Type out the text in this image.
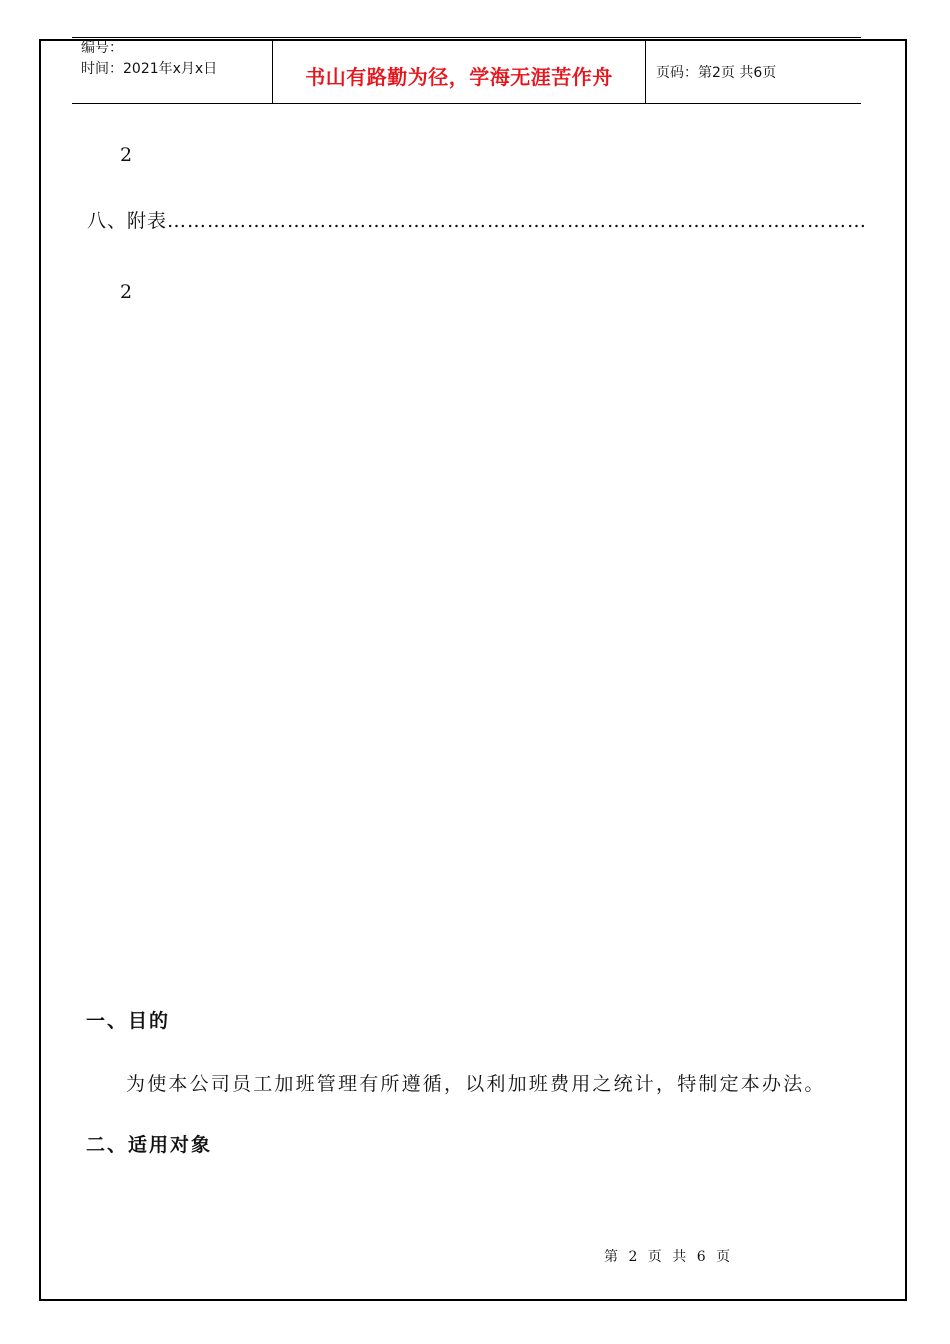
编号：
时间：2021年x月x日	书山有路勤为径，学海无涯苦作舟	页码：第2页 共6页
2
八、附表……………………………………………………………………………………………
2
一、目的
为使本公司员工加班管理有所遵循，以利加班费用之统计，特制定本办法。
二、适用对象
第 2 页 共 6 页
